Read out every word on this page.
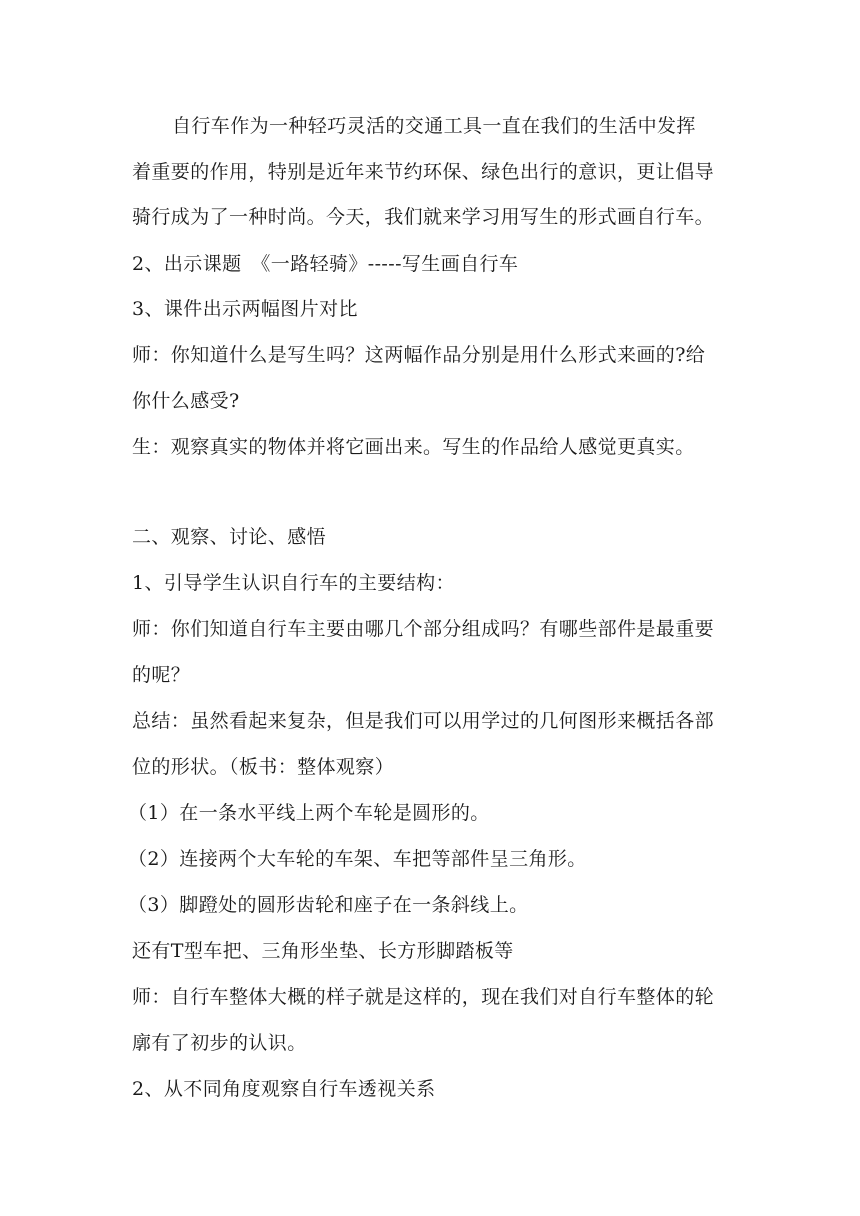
自行车作为一种轻巧灵活的交通工具一直在我们的生活中发挥
着重要的作用，特别是近年来节约环保、绿色出行的意识，更让倡导
骑行成为了一种时尚。今天，我们就来学习用写生的形式画自行车。
2、出示课题　《一路轻骑》-----写生画自行车
3、课件出示两幅图片对比
师：你知道什么是写生吗？这两幅作品分别是用什么形式来画的?给
你什么感受?
生：观察真实的物体并将它画出来。写生的作品给人感觉更真实。
二、观察、讨论、感悟
1、引导学生认识自行车的主要结构：
师：你们知道自行车主要由哪几个部分组成吗？有哪些部件是最重要
的呢？
总结：虽然看起来复杂，但是我们可以用学过的几何图形来概括各部
位的形状。（板书：整体观察）
（1）在一条水平线上两个车轮是圆形的。
（2）连接两个大车轮的车架、车把等部件呈三角形。
（3）脚蹬处的圆形齿轮和座子在一条斜线上。
还有T型车把、三角形坐垫、长方形脚踏板等
师：自行车整体大概的样子就是这样的，现在我们对自行车整体的轮
廓有了初步的认识。
2、从不同角度观察自行车透视关系
